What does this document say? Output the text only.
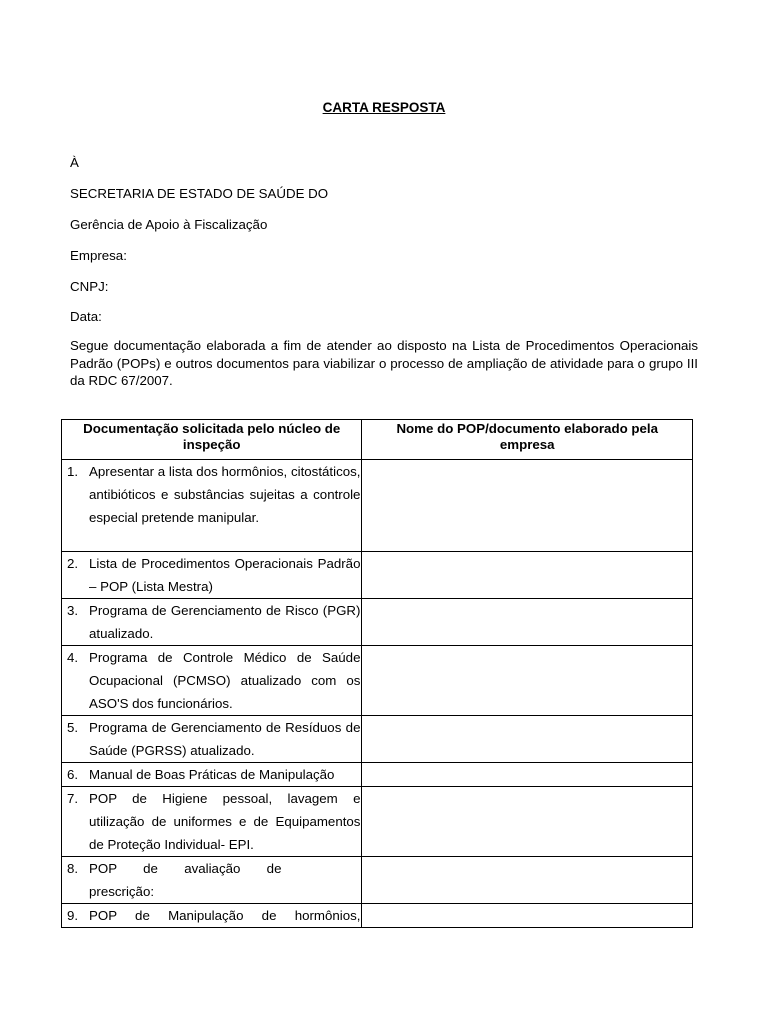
CARTA RESPOSTA
À
SECRETARIA DE ESTADO DE SAÚDE DO
Gerência de Apoio à Fiscalização
Empresa:
CNPJ:
Data:
Segue documentação elaborada a fim de atender ao disposto na Lista de Procedimentos Operacionais Padrão (POPs) e outros documentos para viabilizar o processo de ampliação de atividade para o grupo III da RDC 67/2007.
Documentação solicitada pelo núcleo de inspeção	Nome do POP/documento elaborado pela empresa

1. Apresentar a lista dos hormônios, citostáticos, antibióticos e substâncias sujeitas a controle especial pretende manipular.	

2. Lista de Procedimentos Operacionais Padrão – POP (Lista Mestra)	

3. Programa de Gerenciamento de Risco (PGR) atualizado.	

4. Programa de Controle Médico de Saúde Ocupacional (PCMSO) atualizado com os ASO'S dos funcionários.	

5. Programa de Gerenciamento de Resíduos de Saúde (PGRSS) atualizado.	

6. Manual de Boas Práticas de Manipulação	

7. POP de Higiene pessoal, lavagem e utilização de uniformes e de Equipamentos de Proteção Individual- EPI.	

8. POP de avaliação de prescrição:	

9. POP de Manipulação de hormônios,	
